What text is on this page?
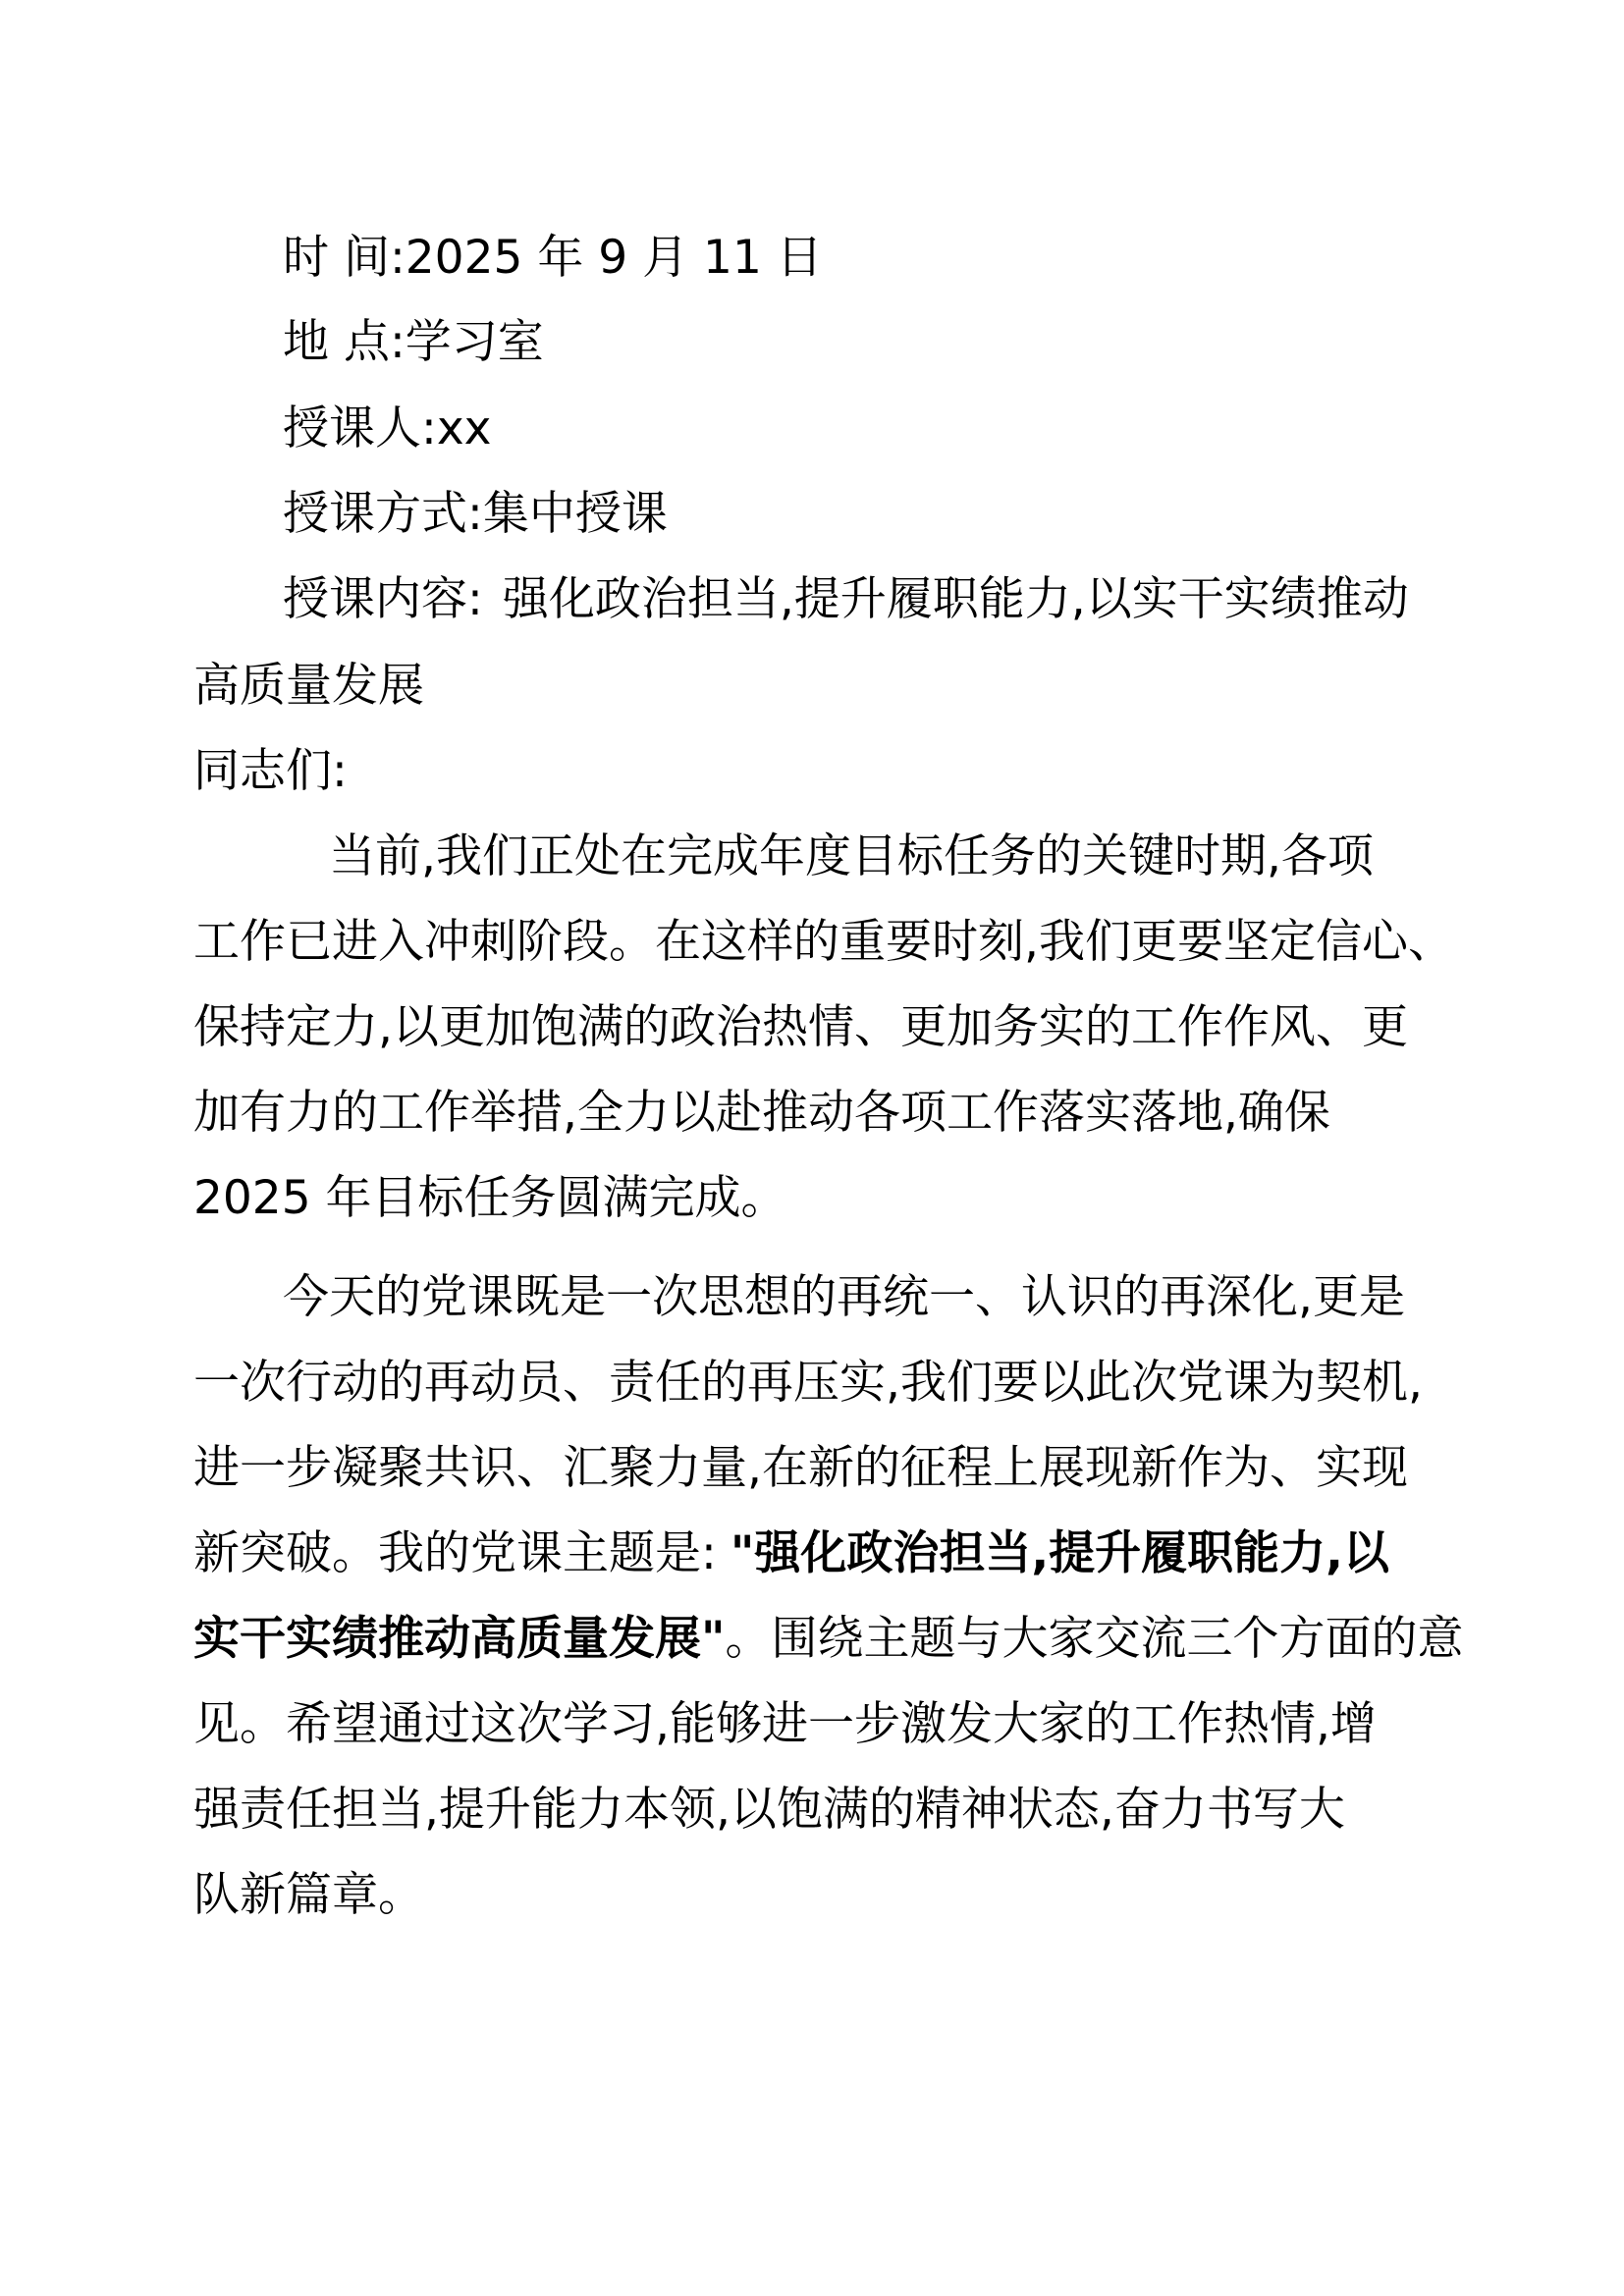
时 间:2025 年 9 月 11 日
地 点:学习室
授课人:xx
授课方式:集中授课
授课内容: 强化政治担当,提升履职能力,以实干实绩推动
高质量发展
同志们:
当前,我们正处在完成年度目标任务的关键时期,各项
工作已进入冲刺阶段。在这样的重要时刻,我们更要坚定信心、
保持定力,以更加饱满的政治热情、更加务实的工作作风、更
加有力的工作举措,全力以赴推动各项工作落实落地,确保
2025 年目标任务圆满完成。
今天的党课既是一次思想的再统一、认识的再深化,更是
一次行动的再动员、责任的再压实,我们要以此次党课为契机,
进一步凝聚共识、汇聚力量,在新的征程上展现新作为、实现
新突破。我的党课主题是: "强化政治担当,提升履职能力,以
实干实绩推动高质量发展"。围绕主题与大家交流三个方面的意
见。希望通过这次学习,能够进一步激发大家的工作热情,增
强责任担当,提升能力本领,以饱满的精神状态,奋力书写大
队新篇章。
